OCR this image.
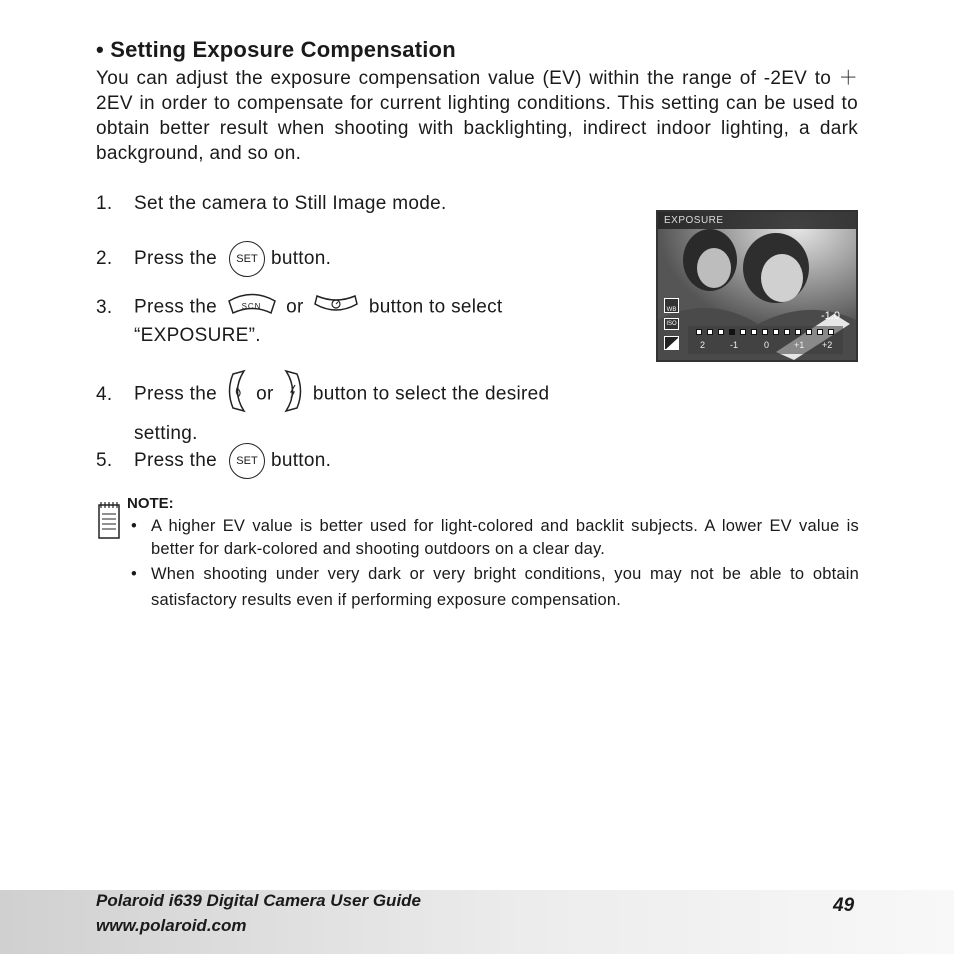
• Setting Exposure Compensation
You can adjust the exposure compensation value (EV) within the range of -2EV to ＋2EV in order to compensate for current lighting conditions. This setting can be used to obtain better result when shooting with backlighting, indirect indoor lighting, a dark background, and so on.
1. Set the camera to Still Image mode.
2. Press the SET button.
3. Press the	SCN or	button to select
“EXPOSURE”.
4. Press the or button to select the desired
setting.
5. Press the SET button.
EXPOSURE
WB
ISO
-1.0
2	-1	0	+1 +2
NOTE:
• A higher EV value is better used for light-colored and backlit subjects. A lower EV value is better for dark-colored and shooting outdoors on a clear day.
• When shooting under very dark or very bright conditions, you may not be able to obtain satisfactory results even if performing exposure compensation.
Polaroid i639 Digital Camera User Guide
www.polaroid.com
49
